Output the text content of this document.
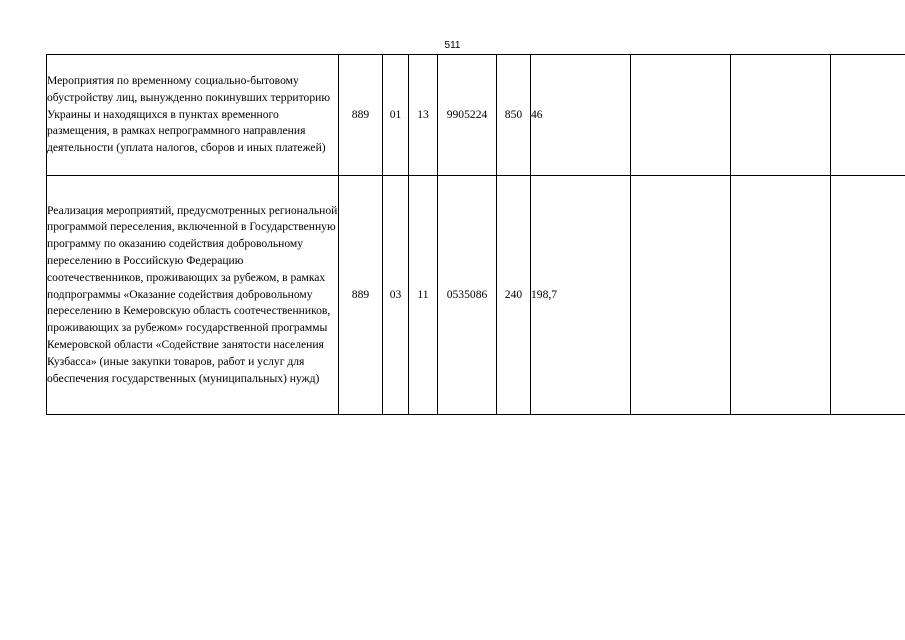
511
Мероприятия по временному социально-бытовому обустройству лиц, вынужденно покинувших территорию Украины и находящихся в пунктах временного размещения, в рамках непрограммного направления деятельности (уплата налогов, сборов и иных платежей)	889	01	13	9905224	850	46			
Реализация мероприятий, предусмотренных региональной программой переселения, включенной в Государственную программу по оказанию содействия добровольному переселению в Российскую Федерацию соотечественников, проживающих за рубежом, в рамках подпрограммы «Оказание содействия добровольному переселению в Кемеровскую область соотечественников, проживающих за рубежом» государственной программы Кемеровской области «Содействие занятости населения Кузбасса» (иные закупки товаров, работ и услуг для обеспечения государственных (муниципальных) нужд)	889	03	11	0535086	240	198,7			
